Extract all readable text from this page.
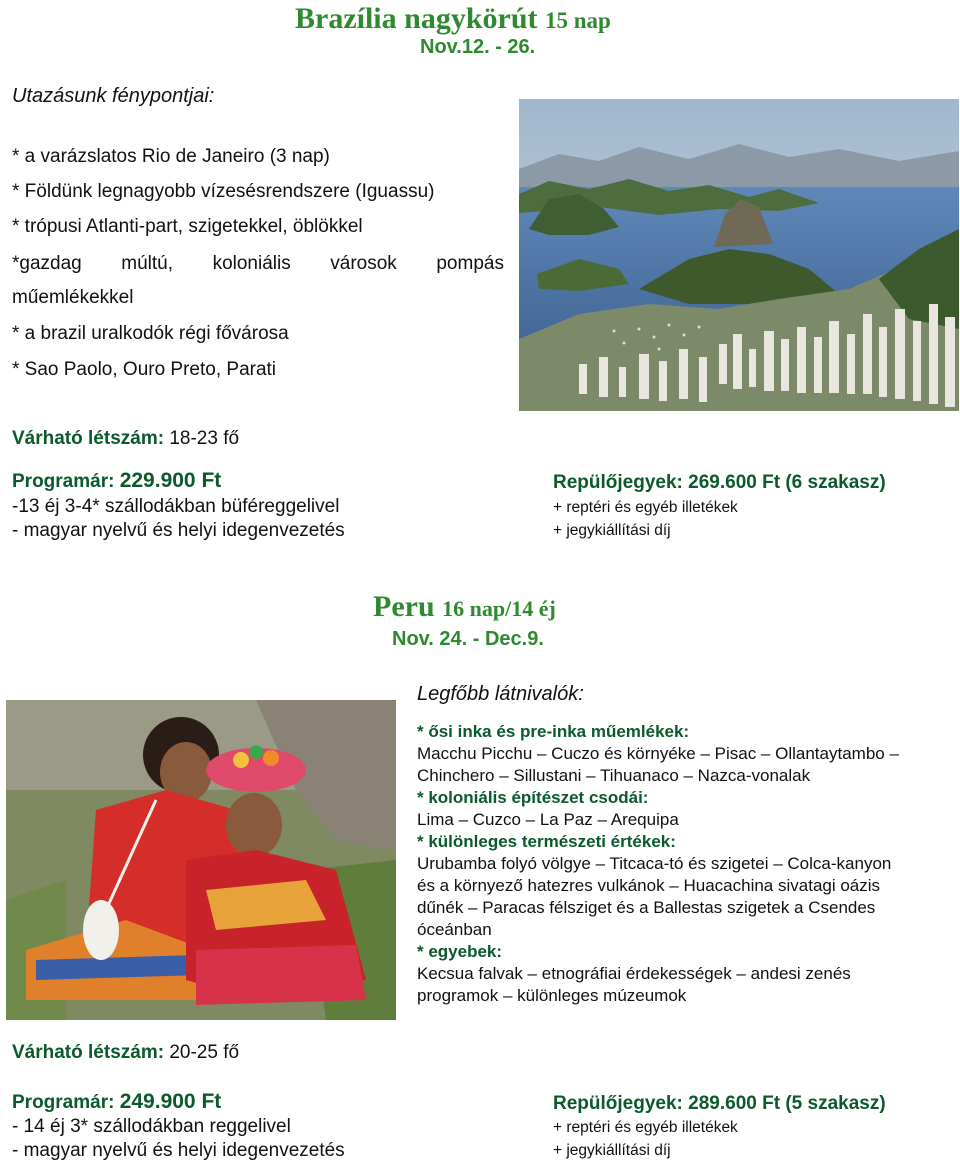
Brazília nagykörút 15 nap
Nov.12. - 26.
Utazásunk fénypontjai:
* a varázslatos Rio de Janeiro (3 nap)
* Földünk legnagyobb vízesésrendszere (Iguassu)
* trópusi Atlanti-part, szigetekkel, öblökkel
*gazdag múltú, koloniális városok pompás
műemlékekkel
* a brazil uralkodók régi fővárosa
* Sao Paolo, Ouro Preto, Parati
Várható létszám: 18-23 fő
Programár: 229.900 Ft
-13 éj 3-4* szállodákban büféreggelivel
- magyar nyelvű és helyi idegenvezetés
Repülőjegyek: 269.600 Ft (6 szakasz)
+ reptéri és egyéb illetékek
+ jegykiállítási díj
Peru 16 nap/14 éj
Nov. 24. - Dec.9.
Legfőbb látnivalók:
* ősi inka és pre-inka műemlékek:
Macchu Picchu – Cuczo és környéke – Pisac – Ollantaytambo –
Chinchero – Sillustani – Tihuanaco – Nazca-vonalak
* koloniális építészet csodái:
Lima – Cuzco – La Paz – Arequipa
* különleges természeti értékek:
Urubamba folyó völgye – Titcaca-tó és szigetei – Colca-kanyon
és a környező hatezres vulkánok – Huacachina sivatagi oázis
dűnék – Paracas félsziget és a Ballestas szigetek a Csendes
óceánban
* egyebek:
Kecsua falvak – etnográfiai érdekességek – andesi zenés
programok – különleges múzeumok
Várható létszám: 20-25 fő
Programár: 249.900 Ft
- 14 éj 3* szállodákban reggelivel
- magyar nyelvű és helyi idegenvezetés
Repülőjegyek: 289.600 Ft (5 szakasz)
+ reptéri és egyéb illetékek
+ jegykiállítási díj
